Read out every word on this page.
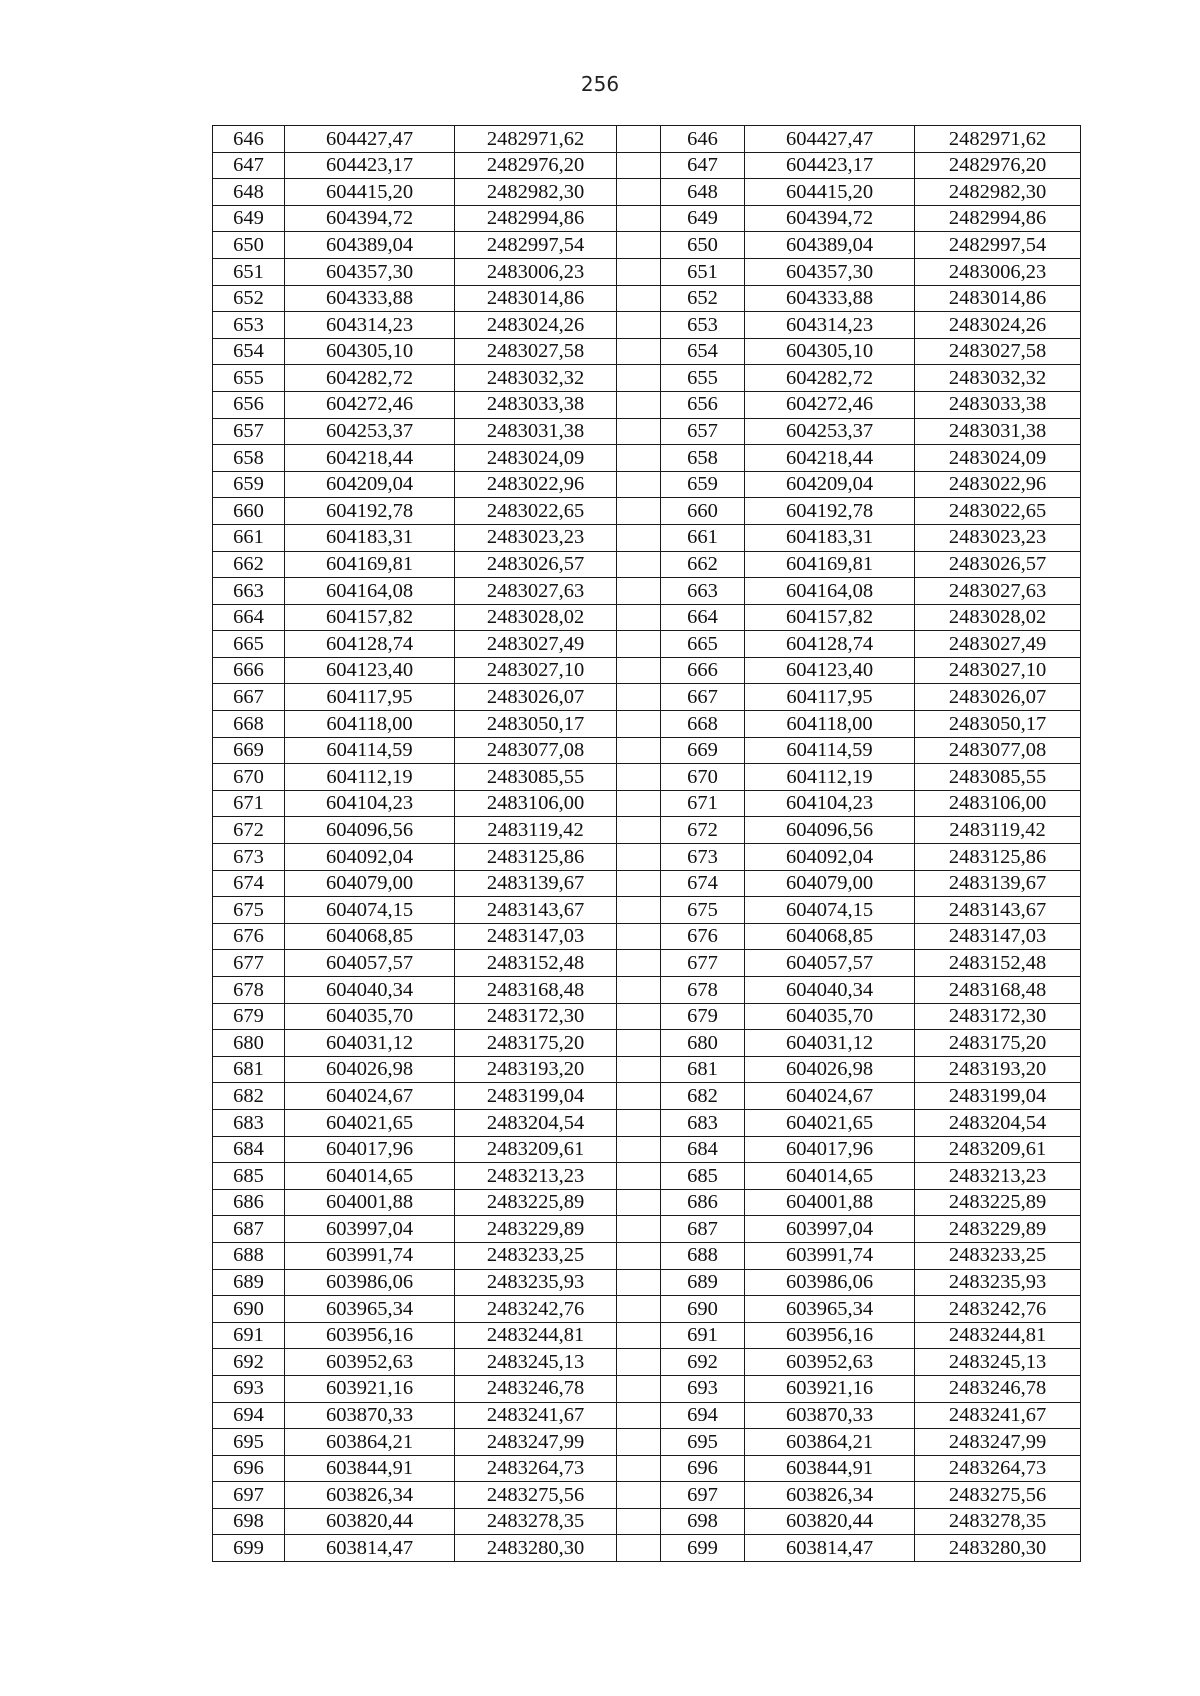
256
646	604427,47	2482971,62		646	604427,47	2482971,62
647	604423,17	2482976,20		647	604423,17	2482976,20
648	604415,20	2482982,30		648	604415,20	2482982,30
649	604394,72	2482994,86		649	604394,72	2482994,86
650	604389,04	2482997,54		650	604389,04	2482997,54
651	604357,30	2483006,23		651	604357,30	2483006,23
652	604333,88	2483014,86		652	604333,88	2483014,86
653	604314,23	2483024,26		653	604314,23	2483024,26
654	604305,10	2483027,58		654	604305,10	2483027,58
655	604282,72	2483032,32		655	604282,72	2483032,32
656	604272,46	2483033,38		656	604272,46	2483033,38
657	604253,37	2483031,38		657	604253,37	2483031,38
658	604218,44	2483024,09		658	604218,44	2483024,09
659	604209,04	2483022,96		659	604209,04	2483022,96
660	604192,78	2483022,65		660	604192,78	2483022,65
661	604183,31	2483023,23		661	604183,31	2483023,23
662	604169,81	2483026,57		662	604169,81	2483026,57
663	604164,08	2483027,63		663	604164,08	2483027,63
664	604157,82	2483028,02		664	604157,82	2483028,02
665	604128,74	2483027,49		665	604128,74	2483027,49
666	604123,40	2483027,10		666	604123,40	2483027,10
667	604117,95	2483026,07		667	604117,95	2483026,07
668	604118,00	2483050,17		668	604118,00	2483050,17
669	604114,59	2483077,08		669	604114,59	2483077,08
670	604112,19	2483085,55		670	604112,19	2483085,55
671	604104,23	2483106,00		671	604104,23	2483106,00
672	604096,56	2483119,42		672	604096,56	2483119,42
673	604092,04	2483125,86		673	604092,04	2483125,86
674	604079,00	2483139,67		674	604079,00	2483139,67
675	604074,15	2483143,67		675	604074,15	2483143,67
676	604068,85	2483147,03		676	604068,85	2483147,03
677	604057,57	2483152,48		677	604057,57	2483152,48
678	604040,34	2483168,48		678	604040,34	2483168,48
679	604035,70	2483172,30		679	604035,70	2483172,30
680	604031,12	2483175,20		680	604031,12	2483175,20
681	604026,98	2483193,20		681	604026,98	2483193,20
682	604024,67	2483199,04		682	604024,67	2483199,04
683	604021,65	2483204,54		683	604021,65	2483204,54
684	604017,96	2483209,61		684	604017,96	2483209,61
685	604014,65	2483213,23		685	604014,65	2483213,23
686	604001,88	2483225,89		686	604001,88	2483225,89
687	603997,04	2483229,89		687	603997,04	2483229,89
688	603991,74	2483233,25		688	603991,74	2483233,25
689	603986,06	2483235,93		689	603986,06	2483235,93
690	603965,34	2483242,76		690	603965,34	2483242,76
691	603956,16	2483244,81		691	603956,16	2483244,81
692	603952,63	2483245,13		692	603952,63	2483245,13
693	603921,16	2483246,78		693	603921,16	2483246,78
694	603870,33	2483241,67		694	603870,33	2483241,67
695	603864,21	2483247,99		695	603864,21	2483247,99
696	603844,91	2483264,73		696	603844,91	2483264,73
697	603826,34	2483275,56		697	603826,34	2483275,56
698	603820,44	2483278,35		698	603820,44	2483278,35
699	603814,47	2483280,30		699	603814,47	2483280,30
